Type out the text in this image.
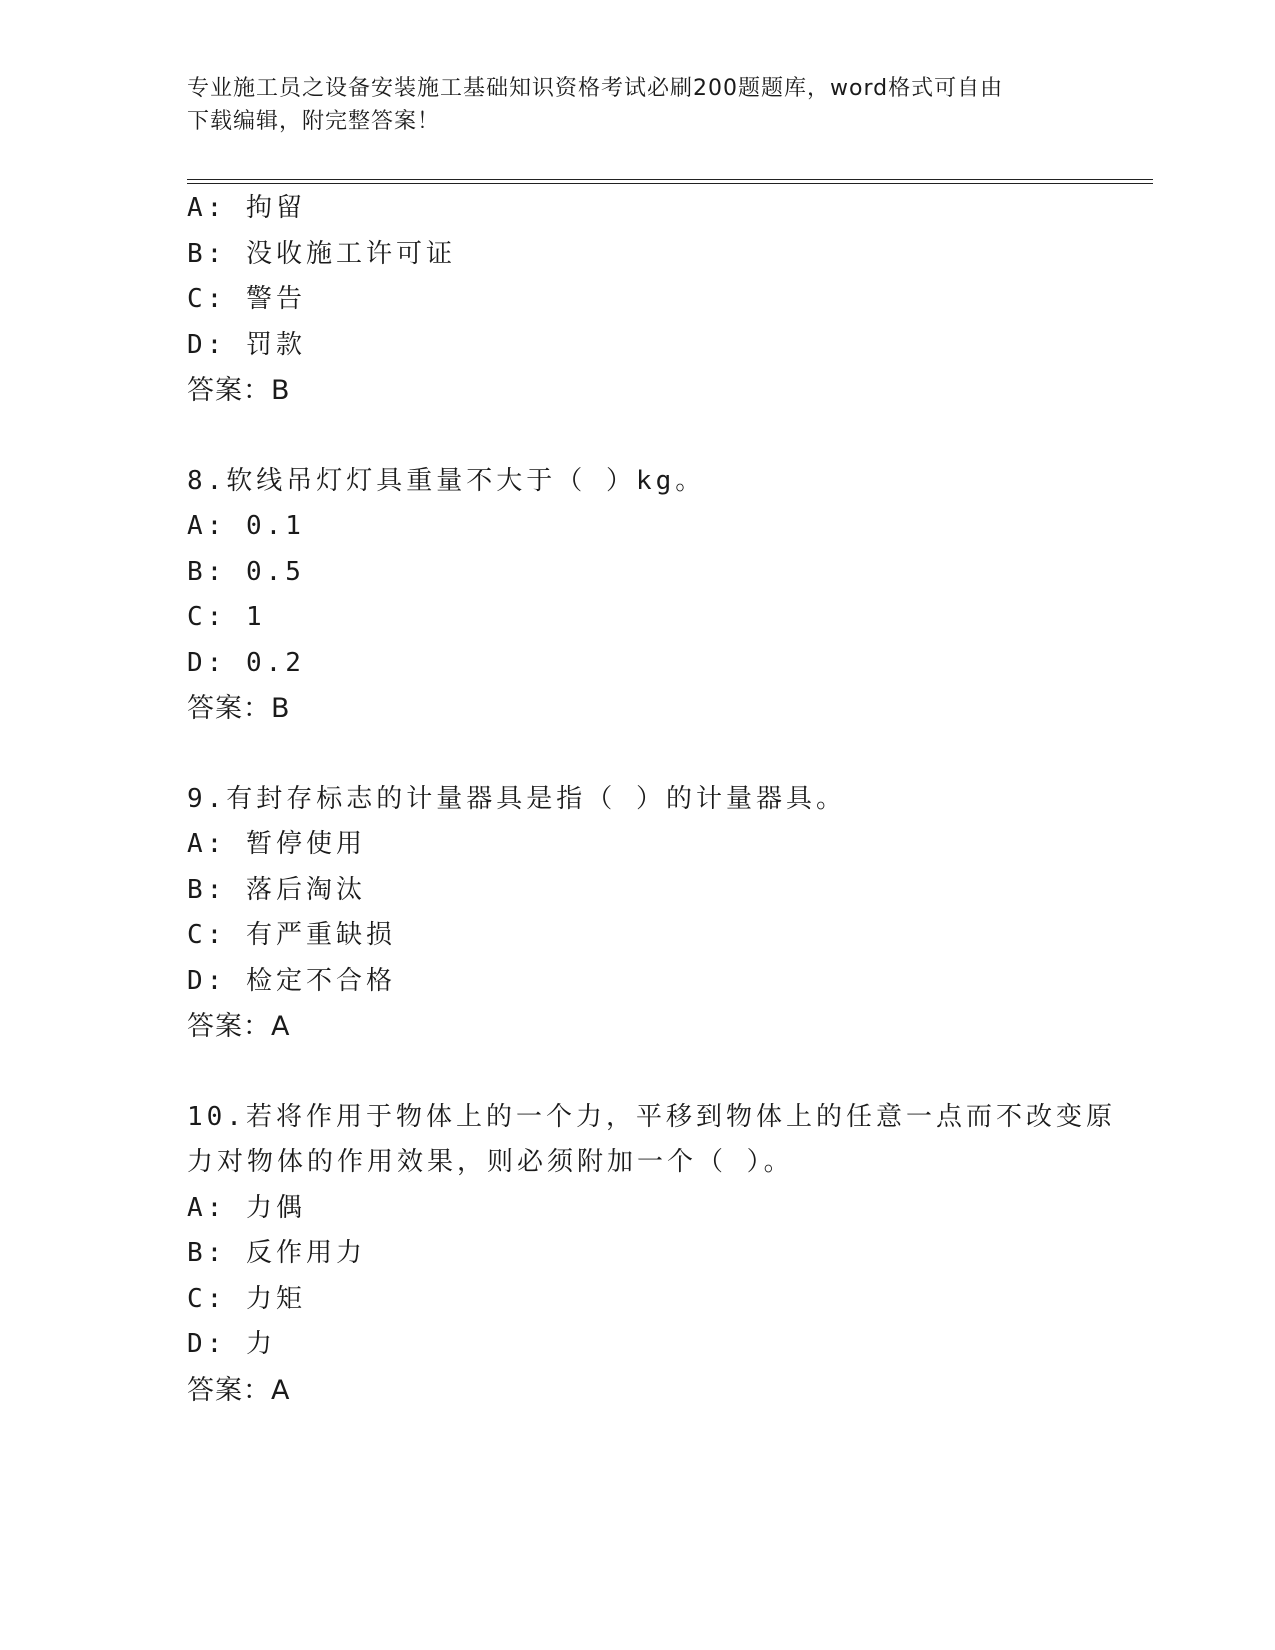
专业施工员之设备安装施工基础知识资格考试必刷200题题库，word格式可自由
下载编辑，附完整答案！
A: 拘留
B: 没收施工许可证
C: 警告
D: 罚款
答案：B
8.软线吊灯灯具重量不大于（ ）kg。
A: 0.1
B: 0.5
C: 1
D: 0.2
答案：B
9.有封存标志的计量器具是指（ ）的计量器具。
A: 暂停使用
B: 落后淘汰
C: 有严重缺损
D: 检定不合格
答案：A
10.若将作用于物体上的一个力，平移到物体上的任意一点而不改变原
力对物体的作用效果，则必须附加一个（ ）。
A: 力偶
B: 反作用力
C: 力矩
D: 力
答案：A
